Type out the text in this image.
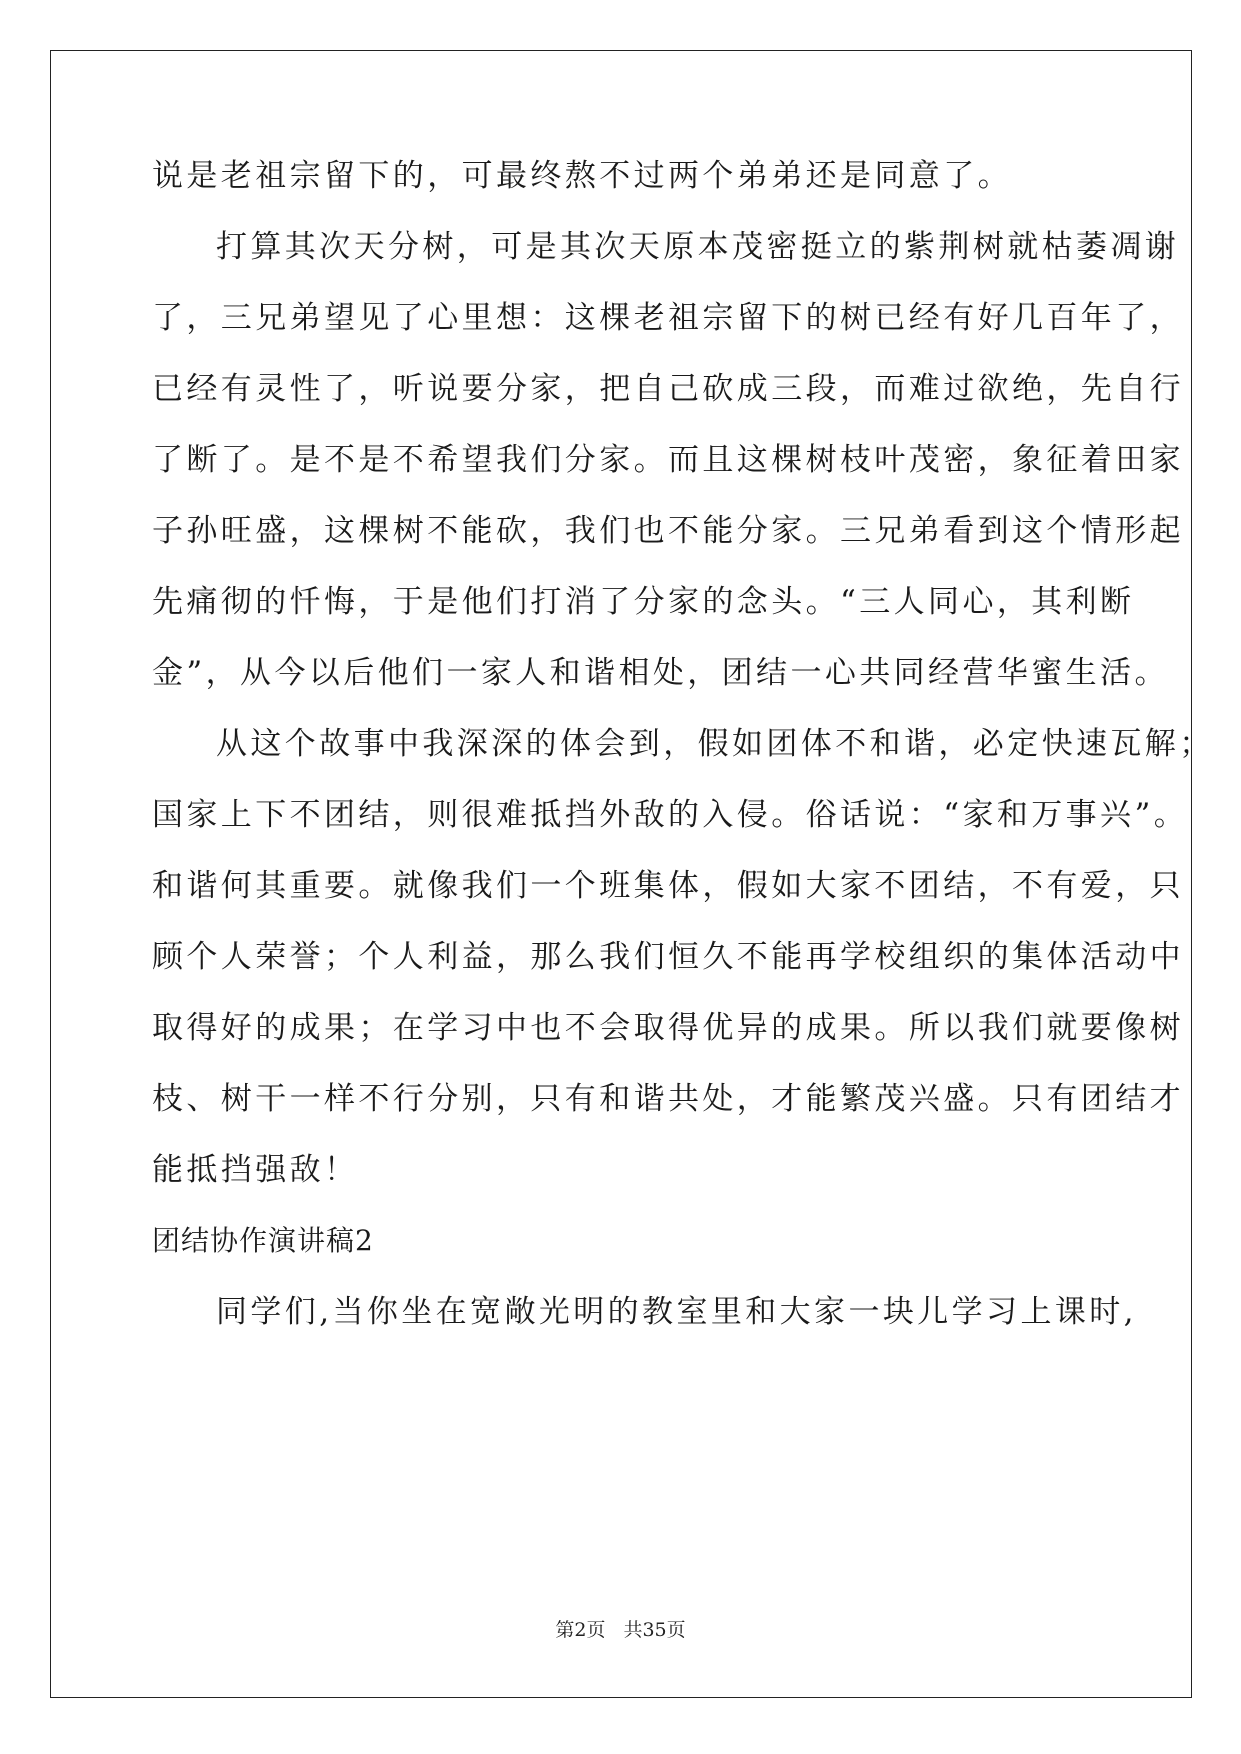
说是老祖宗留下的，可最终熬不过两个弟弟还是同意了。
打算其次天分树，可是其次天原本茂密挺立的紫荆树就枯萎凋谢
了，三兄弟望见了心里想：这棵老祖宗留下的树已经有好几百年了，
已经有灵性了，听说要分家，把自己砍成三段，而难过欲绝，先自行
了断了。是不是不希望我们分家。而且这棵树枝叶茂密，象征着田家
子孙旺盛，这棵树不能砍，我们也不能分家。三兄弟看到这个情形起
先痛彻的忏悔，于是他们打消了分家的念头。“三人同心，其利断
金”，从今以后他们一家人和谐相处，团结一心共同经营华蜜生活。
从这个故事中我深深的体会到，假如团体不和谐，必定快速瓦解；
国家上下不团结，则很难抵挡外敌的入侵。俗话说：“家和万事兴”。
和谐何其重要。就像我们一个班集体，假如大家不团结，不有爱，只
顾个人荣誉；个人利益，那么我们恒久不能再学校组织的集体活动中
取得好的成果；在学习中也不会取得优异的成果。所以我们就要像树
枝、树干一样不行分别，只有和谐共处，才能繁茂兴盛。只有团结才
能抵挡强敌！
团结协作演讲稿2
同学们,当你坐在宽敞光明的教室里和大家一块儿学习上课时,
第2页 共35页
